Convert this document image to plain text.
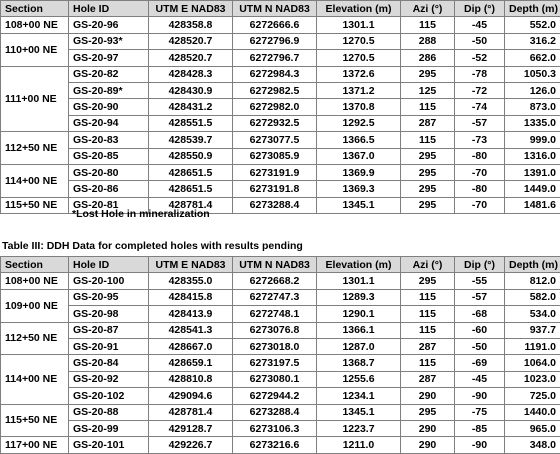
Section	Hole ID	UTM E NAD83	UTM N NAD83	Elevation (m)	Azi (°)	Dip (°)	Depth (m)
108+00 NE	GS-20-96	428358.8	6272666.6	1301.1	115	-45	552.0
110+00 NE	GS-20-93*	428520.7	6272796.9	1270.5	288	-50	316.2
	GS-20-97	428520.7	6272796.7	1270.5	286	-52	662.0
111+00 NE	GS-20-82	428428.3	6272984.3	1372.6	295	-78	1050.3
	GS-20-89*	428430.9	6272982.5	1371.2	125	-72	126.0
	GS-20-90	428431.2	6272982.0	1370.8	115	-74	873.0
	GS-20-94	428551.5	6272932.5	1292.5	287	-57	1335.0
112+50 NE	GS-20-83	428539.7	6273077.5	1366.5	115	-73	999.0
	GS-20-85	428550.9	6273085.9	1367.0	295	-80	1316.0
114+00 NE	GS-20-80	428651.5	6273191.9	1369.9	295	-70	1391.0
	GS-20-86	428651.5	6273191.8	1369.3	295	-80	1449.0
115+50 NE	GS-20-81	428781.4	6273288.4	1345.1	295	-70	1481.6
*Lost Hole in mineralization
Table III: DDH Data for completed holes with results pending
Section	Hole ID	UTM E NAD83	UTM N NAD83	Elevation (m)	Azi (°)	Dip (°)	Depth (m)
108+00 NE	GS-20-100	428355.0	6272668.2	1301.1	295	-55	812.0
109+00 NE	GS-20-95	428415.8	6272747.3	1289.3	115	-57	582.0
	GS-20-98	428413.9	6272748.1	1290.1	115	-68	534.0
112+50 NE	GS-20-87	428541.3	6273076.8	1366.1	115	-60	937.7
	GS-20-91	428667.0	6273018.0	1287.0	287	-50	1191.0
114+00 NE	GS-20-84	428659.1	6273197.5	1368.7	115	-69	1064.0
	GS-20-92	428810.8	6273080.1	1255.6	287	-45	1023.0
	GS-20-102	429094.6	6272944.2	1234.1	290	-90	725.0
115+50 NE	GS-20-88	428781.4	6273288.4	1345.1	295	-75	1440.0
	GS-20-99	429128.7	6273106.3	1223.7	290	-85	965.0
117+00 NE	GS-20-101	429226.7	6273216.6	1211.0	290	-90	348.0
